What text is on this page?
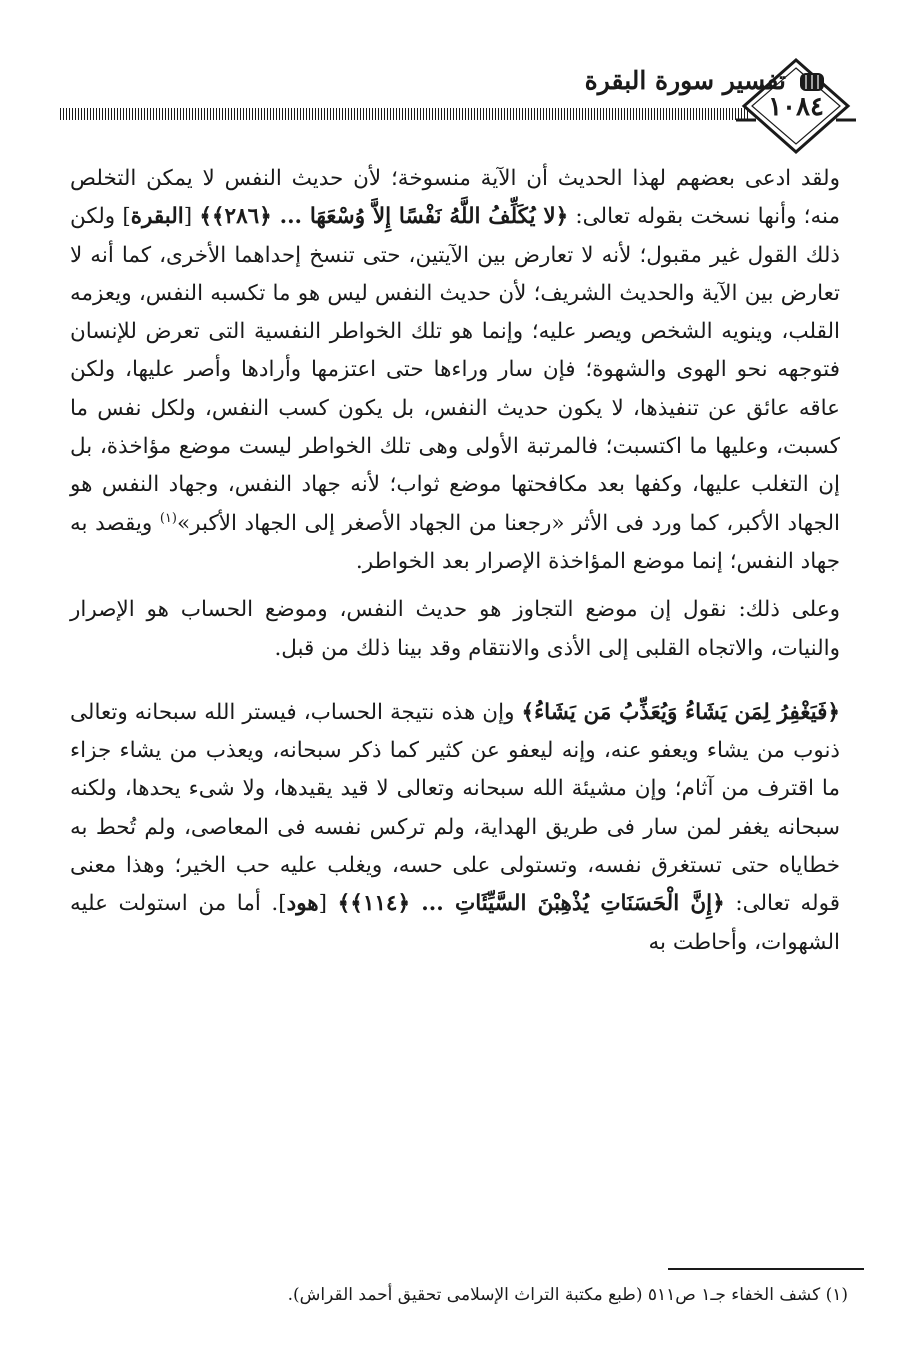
١٠٨٤
تفسير سورة البقرة

ولقد ادعى بعضهم لهذا الحديث أن الآية منسوخة؛ لأن حديث النفس لا يمكن التخلص منه؛ وأنها نسخت بقوله تعالى: ﴿لا يُكَلِّفُ اللَّهُ نَفْسًا إِلاَّ وُسْعَهَا ... ﴿٢٨٦﴾﴾ [البقرة] ولكن ذلك القول غير مقبول؛ لأنه لا تعارض بين الآيتين، حتى تنسخ إحداهما الأخرى، كما أنه لا تعارض بين الآية والحديث الشريف؛ لأن حديث النفس ليس هو ما تكسبه النفس، ويعزمه القلب، وينويه الشخص ويصر عليه؛ وإنما هو تلك الخواطر النفسية التى تعرض للإنسان فتوجهه نحو الهوى والشهوة؛ فإن سار وراءها حتى اعتزمها وأرادها وأصر عليها، ولكن عاقه عائق عن تنفيذها، لا يكون حديث النفس، بل يكون كسب النفس، ولكل نفس ما كسبت، وعليها ما اكتسبت؛ فالمرتبة الأولى وهى تلك الخواطر ليست موضع مؤاخذة، بل إن التغلب عليها، وكفها بعد مكافحتها موضع ثواب؛ لأنه جهاد النفس، وجهاد النفس هو الجهاد الأكبر، كما ورد فى الأثر «رجعنا من الجهاد الأصغر إلى الجهاد الأكبر»$^{(١)}$ ويقصد به جهاد النفس؛ إنما موضع المؤاخذة الإصرار بعد الخواطر.

وعلى ذلك: نقول إن موضع التجاوز هو حديث النفس، وموضع الحساب هو الإصرار والنيات، والاتجاه القلبى إلى الأذى والانتقام وقد بينا ذلك من قبل.

﴿فَيَغْفِرُ لِمَن يَشَاءُ وَيُعَذِّبُ مَن يَشَاءُ﴾ وإن هذه نتيجة الحساب، فيستر الله سبحانه وتعالى ذنوب من يشاء ويعفو عنه، وإنه ليعفو عن كثير كما ذكر سبحانه، ويعذب من يشاء جزاء ما اقترف من آثام؛ وإن مشيئة الله سبحانه وتعالى لا قيد يقيدها، ولا شىء يحدها، ولكنه سبحانه يغفر لمن سار فى طريق الهداية، ولم تركس نفسه فى المعاصى، ولم تُحط به خطاياه حتى تستغرق نفسه، وتستولى على حسه، ويغلب عليه حب الخير؛ وهذا معنى قوله تعالى: ﴿إِنَّ الْحَسَنَاتِ يُذْهِبْنَ السَّيِّئَاتِ ... ﴿١١٤﴾﴾ [هود]. أما من استولت عليه الشهوات، وأحاطت به

(١) كشف الخفاء جـ١ ص٥١١ (طبع مكتبة التراث الإسلامى تحقيق أحمد القراش).
